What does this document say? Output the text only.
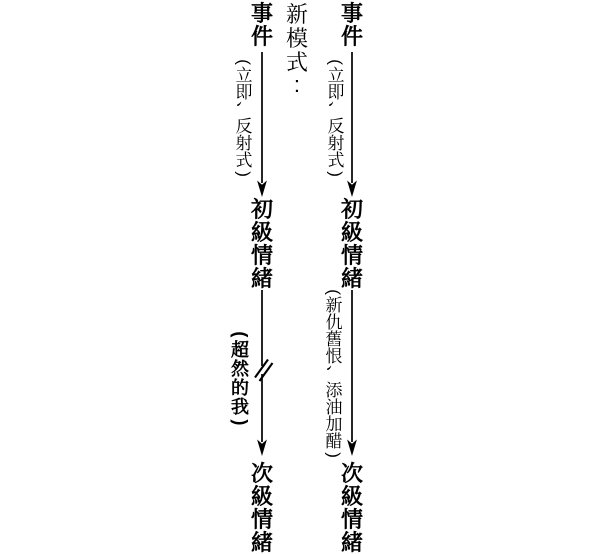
新
模
式
:
事
件
(
立
即
、
反
射
式
)
初
級
情
緒
(
超
然
的
我
)
次
級
情
緒
事
件
(
立
即
、
反
射
式
)
初
級
情
緒
(
新
仇
舊
恨
、
添
油
加
醋
)
次
級
情
緒
